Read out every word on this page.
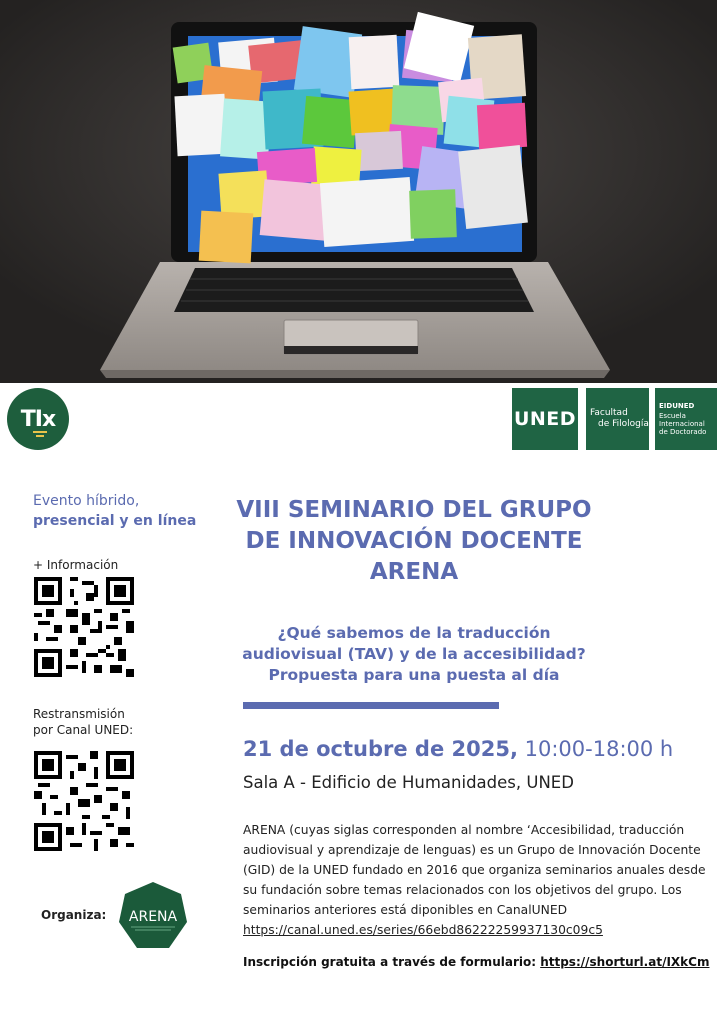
TIx	UNED Facultad
de Filología
EIDUNED
Escuela
Internacional
de Doctorado
Evento híbrido,
presencial y en línea
+ Información
Restransmisión
por Canal UNED:
Organiza: ARENA
VIII SEMINARIO DEL GRUPO
DE INNOVACIÓN DOCENTE
ARENA
¿Qué sabemos de la traducción
audiovisual (TAV) y de la accesibilidad?
Propuesta para una puesta al día
21 de octubre de 2025, 10:00-18:00 h
Sala A - Edificio de Humanidades, UNED
ARENA (cuyas siglas corresponden al nombre ‘Accesibilidad, traducción
audiovisual y aprendizaje de lenguas) es un Grupo de Innovación Docente
(GID) de la UNED fundado en 2016 que organiza seminarios anuales desde
su fundación sobre temas relacionados con los objetivos del grupo. Los
seminarios anteriores está diponibles en CanalUNED
https://canal.uned.es/series/66ebd86222259937130c09c5
Inscripción gratuita a través de formulario: https://shorturl.at/IXkCm
